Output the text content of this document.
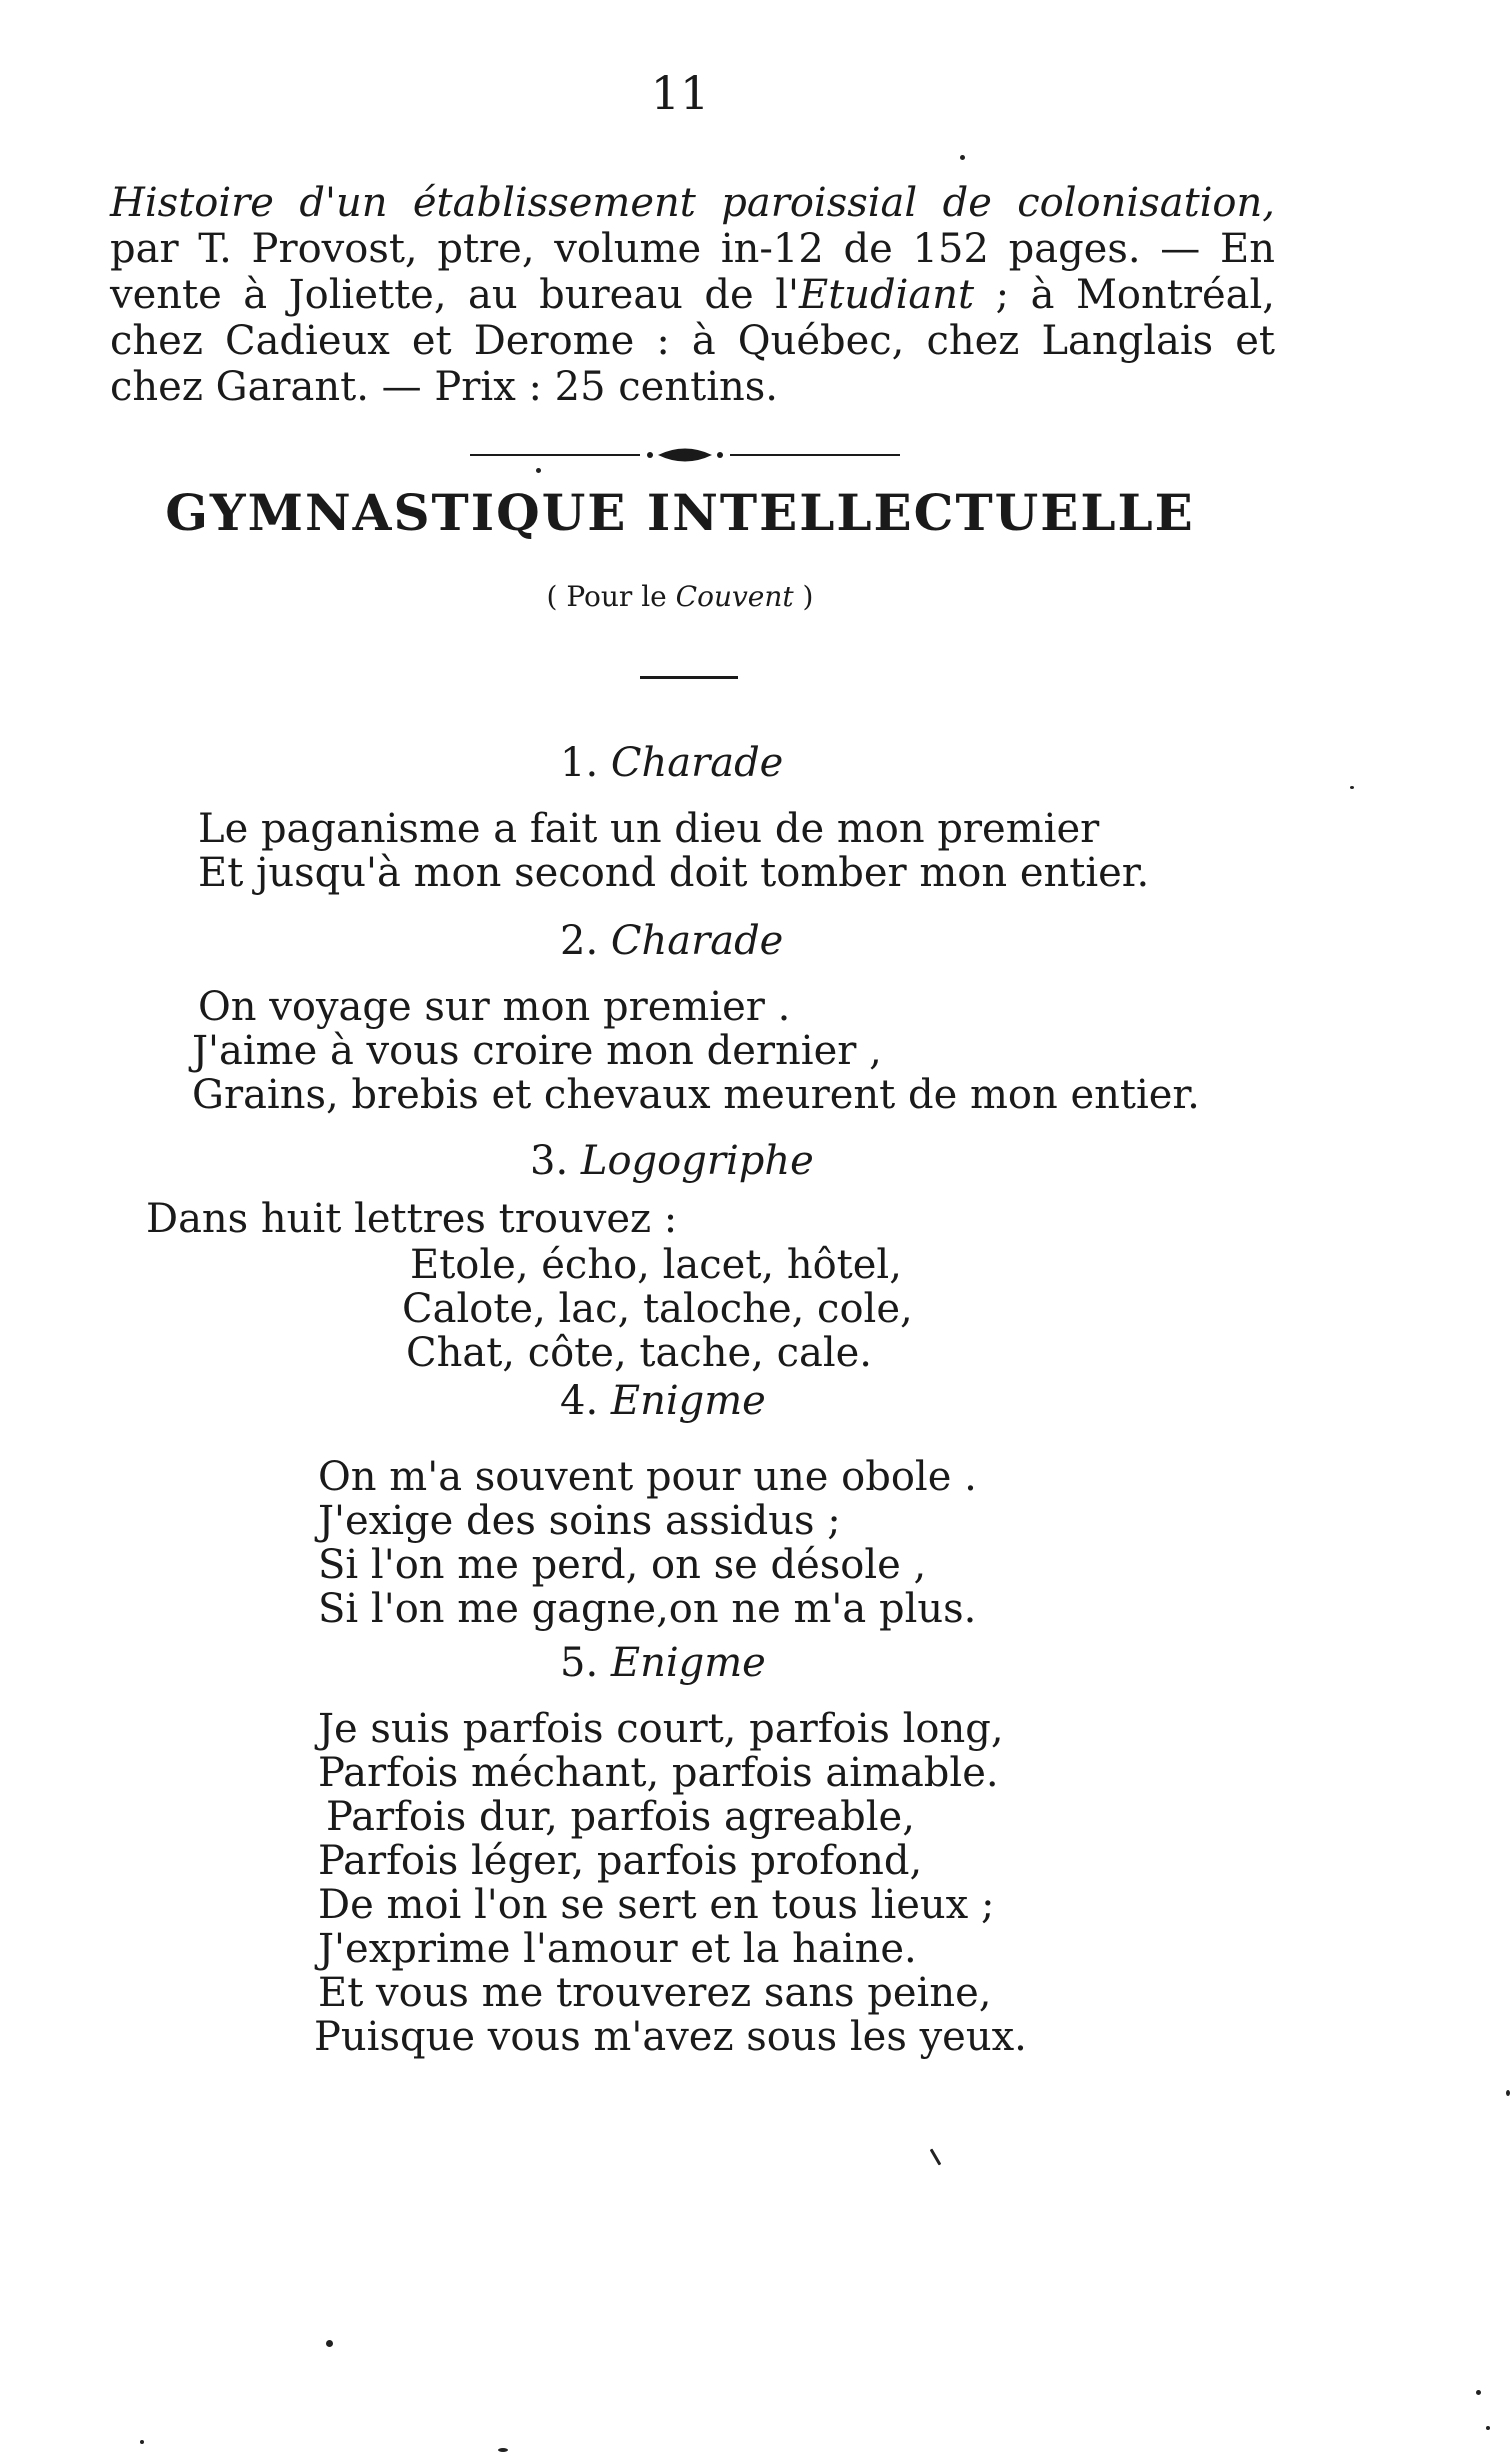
11
Histoire d'un établissement paroissial de colonisation,
par T. Provost, ptre, volume in-12 de 152 pages. — En
vente à Joliette, au bureau de l'Etudiant ; à Montréal,
chez Cadieux et Derome : à Québec, chez Langlais et
chez Garant. — Prix : 25 centins.
GYMNASTIQUE INTELLECTUELLE
( Pour le Couvent )
1. Charade
Le paganisme a fait un dieu de mon premier
Et jusqu'à mon second doit tomber mon entier.
2. Charade
On voyage sur mon premier .
J'aime à vous croire mon dernier ,
Grains, brebis et chevaux meurent de mon entier.
3. Logogriphe
Dans huit lettres trouvez :
Etole, écho, lacet, hôtel,
Calote, lac, taloche, cole,
Chat, côte, tache, cale.
4. Enigme
On m'a souvent pour une obole .
J'exige des soins assidus ;
Si l'on me perd, on se désole ,
Si l'on me gagne,on ne m'a plus.
5. Enigme
Je suis parfois court, parfois long,
Parfois méchant, parfois aimable.
Parfois dur, parfois agreable,
Parfois léger, parfois profond,
De moi l'on se sert en tous lieux ;
J'exprime l'amour et la haine.
Et vous me trouverez sans peine,
Puisque vous m'avez sous les yeux.
